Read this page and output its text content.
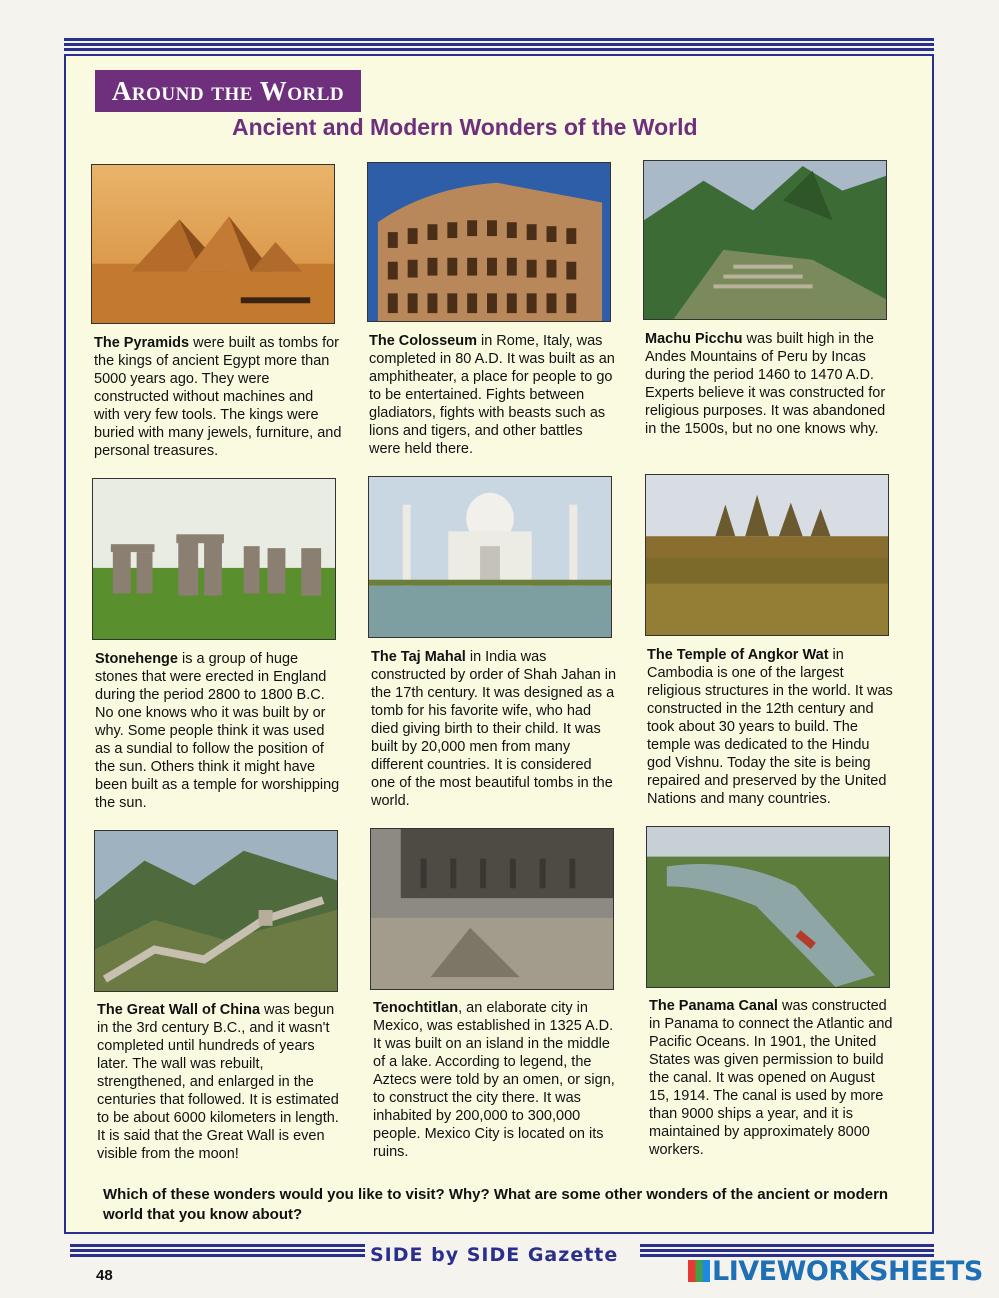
Around the World
Ancient and Modern Wonders of the World
The Pyramids were built as tombs for the kings of ancient Egypt more than 5000 years ago. They were constructed without machines and with very few tools. The kings were buried with many jewels, furniture, and personal treasures.
The Colosseum in Rome, Italy, was completed in 80 A.D. It was built as an amphitheater, a place for people to go to be entertained. Fights between gladiators, fights with beasts such as lions and tigers, and other battles were held there.
Machu Picchu was built high in the Andes Mountains of Peru by Incas during the period 1460 to 1470 A.D. Experts believe it was constructed for religious purposes. It was abandoned in the 1500s, but no one knows why.
Stonehenge is a group of huge stones that were erected in England during the period 2800 to 1800 B.C. No one knows who it was built by or why. Some people think it was used as a sundial to follow the position of the sun. Others think it might have been built as a temple for worshipping the sun.
The Taj Mahal in India was constructed by order of Shah Jahan in the 17th century. It was designed as a tomb for his favorite wife, who had died giving birth to their child. It was built by 20,000 men from many different countries. It is considered one of the most beautiful tombs in the world.
The Temple of Angkor Wat in Cambodia is one of the largest religious structures in the world. It was constructed in the 12th century and took about 30 years to build. The temple was dedicated to the Hindu god Vishnu. Today the site is being repaired and preserved by the United Nations and many countries.
The Great Wall of China was begun in the 3rd century B.C., and it wasn't completed until hundreds of years later. The wall was rebuilt, strengthened, and enlarged in the centuries that followed. It is estimated to be about 6000 kilometers in length. It is said that the Great Wall is even visible from the moon!
Tenochtitlan, an elaborate city in Mexico, was established in 1325 A.D. It was built on an island in the middle of a lake. According to legend, the Aztecs were told by an omen, or sign, to construct the city there. It was inhabited by 200,000 to 300,000 people. Mexico City is located on its ruins.
The Panama Canal was constructed in Panama to connect the Atlantic and Pacific Oceans. In 1901, the United States was given permission to build the canal. It was opened on August 15, 1914. The canal is used by more than 9000 ships a year, and it is maintained by approximately 8000 workers.
Which of these wonders would you like to visit? Why? What are some other wonders of the ancient or modern world that you know about?
SIDE by SIDE Gazette
48	LIVEWORKSHEETS
